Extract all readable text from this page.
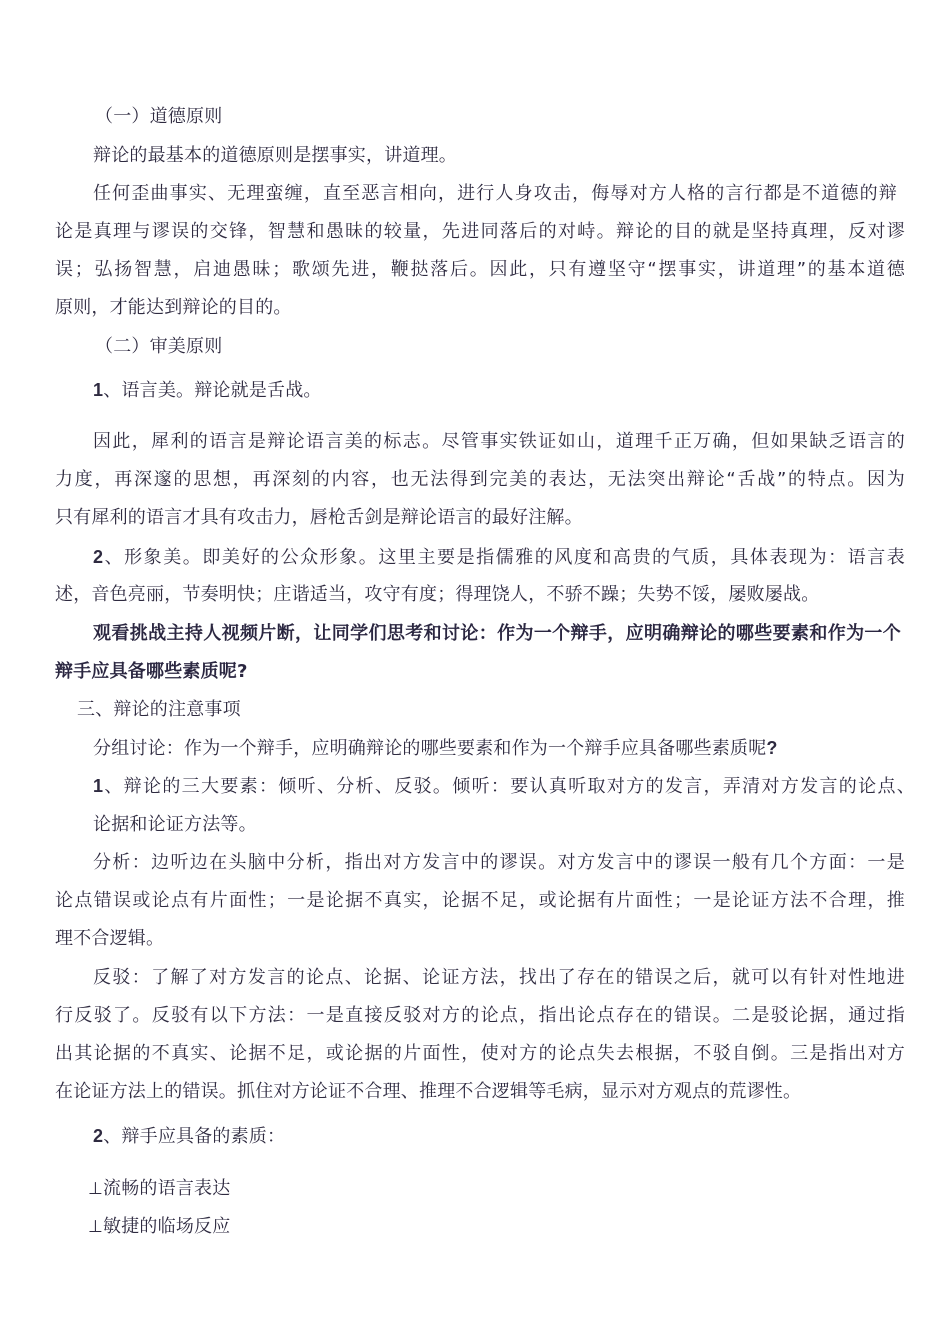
（一）道德原则
辩论的最基本的道德原则是摆事实，讲道理。
任何歪曲事实、无理蛮缠，直至恶言相向，进行人身攻击，侮辱对方人格的言行都是不道德的辩
论是真理与谬误的交锋，智慧和愚昧的较量，先进同落后的对峙。辩论的目的就是坚持真理，反对谬
误；弘扬智慧，启迪愚昧；歌颂先进，鞭挞落后。因此，只有遵坚守“摆事实，讲道理”的基本道德
原则，才能达到辩论的目的。
（二）审美原则
1、语言美。辩论就是舌战。
因此，犀利的语言是辩论语言美的标志。尽管事实铁证如山，道理千正万确，但如果缺乏语言的
力度，再深邃的思想，再深刻的内容，也无法得到完美的表达，无法突出辩论“舌战”的特点。因为
只有犀利的语言才具有攻击力，唇枪舌剑是辩论语言的最好注解。
2、形象美。即美好的公众形象。这里主要是指儒雅的风度和高贵的气质，具体表现为：语言表
述，音色亮丽，节奏明快；庄谐适当，攻守有度；得理饶人，不骄不躁；失势不馁，屡败屡战。
观看挑战主持人视频片断，让同学们思考和讨论：作为一个辩手，应明确辩论的哪些要素和作为一个
辩手应具备哪些素质呢?
三、辩论的注意事项
分组讨论：作为一个辩手，应明确辩论的哪些要素和作为一个辩手应具备哪些素质呢?
1、辩论的三大要素：倾听、分析、反驳。倾听：要认真听取对方的发言，弄清对方发言的论点、
论据和论证方法等。
分析：边听边在头脑中分析，指出对方发言中的谬误。对方发言中的谬误一般有几个方面：一是
论点错误或论点有片面性；一是论据不真实，论据不足，或论据有片面性；一是论证方法不合理，推
理不合逻辑。
反驳：了解了对方发言的论点、论据、论证方法，找出了存在的错误之后，就可以有针对性地进
行反驳了。反驳有以下方法：一是直接反驳对方的论点，指出论点存在的错误。二是驳论据，通过指
出其论据的不真实、论据不足，或论据的片面性，使对方的论点失去根据，不驳自倒。三是指出对方
在论证方法上的错误。抓住对方论证不合理、推理不合逻辑等毛病，显示对方观点的荒谬性。
2、辩手应具备的素质：
⊥流畅的语言表达
⊥敏捷的临场反应
